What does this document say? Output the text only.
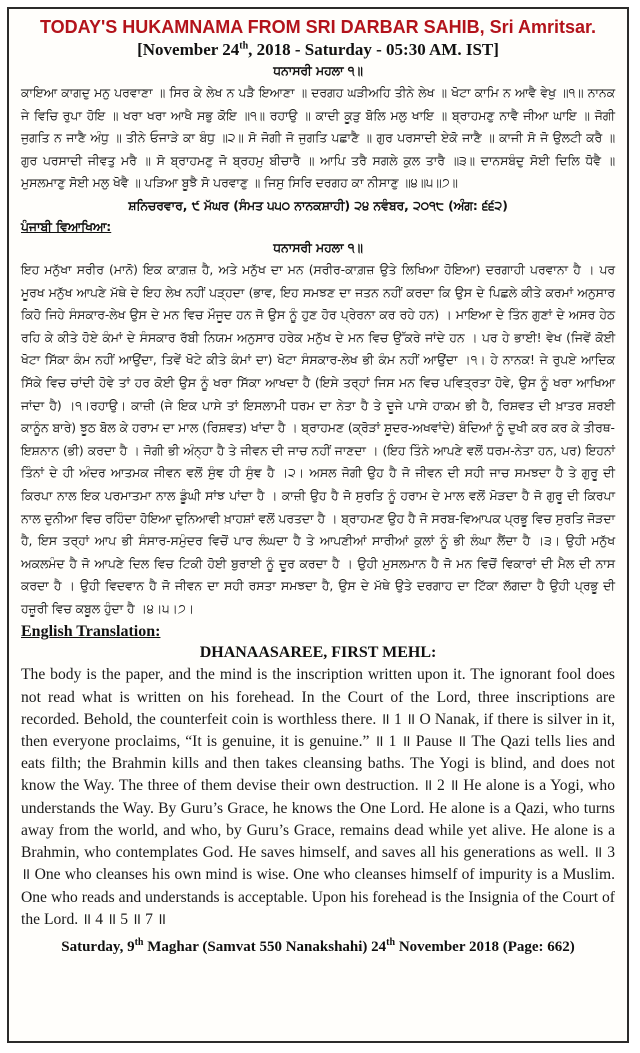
TODAY'S HUKAMNAMA FROM SRI DARBAR SAHIB, Sri Amritsar.
[November 24th, 2018 - Saturday - 05:30 AM. IST]
ਧਨਾਸਰੀ ਮਹਲਾ ੧॥
ਕਾਇਆ ਕਾਗਦੁ ਮਨੁ ਪਰਵਾਣਾ ॥ ਸਿਰ ਕੇ ਲੇਖ ਨ ਪੜੈ ਇਆਣਾ ॥ ਦਰਗਹ ਘੜੀਅਹਿ ਤੀਨੇ ਲੇਖ ॥ ਖੋਟਾ ਕਾਮਿ ਨ ਆਵੈ ਵੇਖੁ ॥੧॥ ਨਾਨਕ ਜੇ ਵਿਚਿ ਰੁਪਾ ਹੋਇ ॥ ਖਰਾ ਖਰਾ ਆਖੈ ਸਭੁ ਕੋਇ ॥੧॥ ਰਹਾਉ ॥ ਕਾਦੀ ਕੂੜੁ ਬੋਲਿ ਮਲੁ ਖਾਇ ॥ ਬ੍ਰਾਹਮਣੁ ਨਾਵੈ ਜੀਆ ਘਾਇ ॥ ਜੋਗੀ ਜੁਗਤਿ ਨ ਜਾਣੈ ਅੰਧੁ ॥ ਤੀਨੇ ਓਜਾੜੇ ਕਾ ਬੰਧੁ ॥੨॥ ਸੋ ਜੋਗੀ ਜੋ ਜੁਗਤਿ ਪਛਾਣੈ ॥ ਗੁਰ ਪਰਸਾਦੀ ਏਕੋ ਜਾਣੈ ॥ ਕਾਜੀ ਸੋ ਜੋ ਉਲਟੀ ਕਰੈ ॥ ਗੁਰ ਪਰਸਾਦੀ ਜੀਵਤੁ ਮਰੈ ॥ ਸੋ ਬ੍ਰਾਹਮਣੁ ਜੋ ਬ੍ਰਹਮੁ ਬੀਚਾਰੈ ॥ ਆਪਿ ਤਰੈ ਸਗਲੇ ਕੁਲ ਤਾਰੈ ॥੩॥ ਦਾਨਸਬੰਦੁ ਸੋਈ ਦਿਲਿ ਧੋਵੈ ॥ ਮੁਸਲਮਾਣੁ ਸੋਈ ਮਲੁ ਖੋਵੈ ॥ ਪੜਿਆ ਬੂਝੈ ਸੋ ਪਰਵਾਣੁ ॥ ਜਿਸੁ ਸਿਰਿ ਦਰਗਹ ਕਾ ਨੀਸਾਣੁ ॥੪॥੫॥੭॥
ਸ਼ਨਿਚਰਵਾਰ, ੯ ਮੱਘਰ (ਸੰਮਤ ੫੫੦ ਨਾਨਕਸ਼ਾਹੀ) ੨੪ ਨਵੰਬਰ, ੨੦੧੮ (ਅੰਗ: ੬੬੨)
ਪੰਜਾਬੀ ਵਿਆਖਿਆ:
ਧਨਾਸਰੀ ਮਹਲਾ ੧॥
ਇਹ ਮਨੁੱਖਾ ਸਰੀਰ (ਮਾਨੋ) ਇਕ ਕਾਗ਼ਜ਼ ਹੈ, ਅਤੇ ਮਨੁੱਖ ਦਾ ਮਨ (ਸਰੀਰ-ਕਾਗ਼ਜ਼ ਉਤੇ ਲਿਖਿਆ ਹੋਇਆ) ਦਰਗਾਹੀ ਪਰਵਾਨਾ ਹੈ । ਪਰ ਮੂਰਖ ਮਨੁੱਖ ਆਪਣੇ ਮੱਥੇ ਦੇ ਇਹ ਲੇਖ ਨਹੀਂ ਪੜ੍ਹਦਾ (ਭਾਵ, ਇਹ ਸਮਝਣ ਦਾ ਜਤਨ ਨਹੀਂ ਕਰਦਾ ਕਿ ਉਸ ਦੇ ਪਿਛਲੇ ਕੀਤੇ ਕਰਮਾਂ ਅਨੁਸਾਰ ਕਿਹੋ ਜਿਹੇ ਸੰਸਕਾਰ-ਲੇਖ ਉਸ ਦੇ ਮਨ ਵਿਚ ਮੌਜੂਦ ਹਨ ਜੋ ਉਸ ਨੂੰ ਹੁਣ ਹੋਰ ਪ੍ਰੇਰਨਾ ਕਰ ਰਹੇ ਹਨ) । ਮਾਇਆ ਦੇ ਤਿੰਨ ਗੁਣਾਂ ਦੇ ਅਸਰ ਹੇਠ ਰਹਿ ਕੇ ਕੀਤੇ ਹੋਏ ਕੰਮਾਂ ਦੇ ਸੰਸਕਾਰ ਰੱਬੀ ਨਿਯਮ ਅਨੁਸਾਰ ਹਰੇਕ ਮਨੁੱਖ ਦੇ ਮਨ ਵਿਚ ਉੱਕਰੇ ਜਾਂਦੇ ਹਨ । ਪਰ ਹੇ ਭਾਈ! ਵੇਖ (ਜਿਵੇਂ ਕੋਈ ਖੋਟਾ ਸਿੱਕਾ ਕੰਮ ਨਹੀਂ ਆਉਂਦਾ, ਤਿਵੇਂ ਖੋਟੇ ਕੀਤੇ ਕੰਮਾਂ ਦਾ) ਖੋਟਾ ਸੰਸਕਾਰ-ਲੇਖ ਭੀ ਕੰਮ ਨਹੀਂ ਆਉਂਦਾ ।੧। ਹੇ ਨਾਨਕ! ਜੇ ਰੁਪਏ ਆਦਿਕ ਸਿੱਕੇ ਵਿਚ ਚਾਂਦੀ ਹੋਵੇ ਤਾਂ ਹਰ ਕੋਈ ਉਸ ਨੂੰ ਖਰਾ ਸਿੱਕਾ ਆਖਦਾ ਹੈ (ਇਸੇ ਤਰ੍ਹਾਂ ਜਿਸ ਮਨ ਵਿਚ ਪਵਿਤ੍ਰਤਾ ਹੋਵੇ, ਉਸ ਨੂੰ ਖਰਾ ਆਖਿਆ ਜਾਂਦਾ ਹੈ) ।੧।ਰਹਾਉ। ਕਾਜ਼ੀ (ਜੇ ਇਕ ਪਾਸੇ ਤਾਂ ਇਸਲਾਮੀ ਧਰਮ ਦਾ ਨੇਤਾ ਹੈ ਤੇ ਦੂਜੇ ਪਾਸੇ ਹਾਕਮ ਭੀ ਹੈ, ਰਿਸ਼ਵਤ ਦੀ ਖ਼ਾਤਰ ਸ਼ਰਈ ਕਾਨੂੰਨ ਬਾਰੇ) ਝੂਠ ਬੋਲ ਕੇ ਹਰਾਮ ਦਾ ਮਾਲ (ਰਿਸ਼ਵਤ) ਖਾਂਦਾ ਹੈ । ਬ੍ਰਾਹਮਣ (ਕ੍ਰੋੜਾਂ ਸ਼ੂਦਰ-ਅਖਵਾਂਦੇ) ਬੰਦਿਆਂ ਨੂੰ ਦੁਖੀ ਕਰ ਕਰ ਕੇ ਤੀਰਥ-ਇਸ਼ਨਾਨ (ਭੀ) ਕਰਦਾ ਹੈ । ਜੋਗੀ ਭੀ ਅੰਨ੍ਹਾ ਹੈ ਤੇ ਜੀਵਨ ਦੀ ਜਾਚ ਨਹੀਂ ਜਾਣਦਾ । (ਇਹ ਤਿੰਨੇ ਆਪਣੇ ਵਲੋਂ ਧਰਮ-ਨੇਤਾ ਹਨ, ਪਰ) ਇਹਨਾਂ ਤਿੰਨਾਂ ਦੇ ਹੀ ਅੰਦਰ ਆਤਮਕ ਜੀਵਨ ਵਲੋਂ ਸੁੰਞ ਹੀ ਸੁੰਞ ਹੈ ।੨। ਅਸਲ ਜੋਗੀ ਉਹ ਹੈ ਜੋ ਜੀਵਨ ਦੀ ਸਹੀ ਜਾਚ ਸਮਝਦਾ ਹੈ ਤੇ ਗੁਰੂ ਦੀ ਕਿਰਪਾ ਨਾਲ ਇਕ ਪਰਮਾਤਮਾ ਨਾਲ ਡੂੰਘੀ ਸਾਂਝ ਪਾਂਦਾ ਹੈ । ਕਾਜ਼ੀ ਉਹ ਹੈ ਜੋ ਸੁਰਤਿ ਨੂੰ ਹਰਾਮ ਦੇ ਮਾਲ ਵਲੋਂ ਮੋੜਦਾ ਹੈ ਜੋ ਗੁਰੂ ਦੀ ਕਿਰਪਾ ਨਾਲ ਦੁਨੀਆ ਵਿਚ ਰਹਿੰਦਾ ਹੋਇਆ ਦੁਨਿਆਵੀ ਖ਼ਾਹਸ਼ਾਂ ਵਲੋਂ ਪਰਤਦਾ ਹੈ । ਬ੍ਰਾਹਮਣ ਉਹ ਹੈ ਜੋ ਸਰਬ-ਵਿਆਪਕ ਪ੍ਰਭੂ ਵਿਚ ਸੁਰਤਿ ਜੋੜਦਾ ਹੈ, ਇਸ ਤਰ੍ਹਾਂ ਆਪ ਭੀ ਸੰਸਾਰ-ਸਮੁੰਦਰ ਵਿਚੋਂ ਪਾਰ ਲੰਘਦਾ ਹੈ ਤੇ ਆਪਣੀਆਂ ਸਾਰੀਆਂ ਕੁਲਾਂ ਨੂੰ ਭੀ ਲੰਘਾ ਲੈਂਦਾ ਹੈ ।੩। ਉਹੀ ਮਨੁੱਖ ਅਕਲਮੰਦ ਹੈ ਜੋ ਆਪਣੇ ਦਿਲ ਵਿਚ ਟਿਕੀ ਹੋਈ ਬੁਰਾਈ ਨੂੰ ਦੂਰ ਕਰਦਾ ਹੈ । ਉਹੀ ਮੁਸਲਮਾਨ ਹੈ ਜੋ ਮਨ ਵਿਚੋਂ ਵਿਕਾਰਾਂ ਦੀ ਮੈਲ ਦੀ ਨਾਸ ਕਰਦਾ ਹੈ । ਉਹੀ ਵਿਦਵਾਨ ਹੈ ਜੋ ਜੀਵਨ ਦਾ ਸਹੀ ਰਸਤਾ ਸਮਝਦਾ ਹੈ, ਉਸ ਦੇ ਮੱਥੇ ਉਤੇ ਦਰਗਾਹ ਦਾ ਟਿੱਕਾ ਲੱਗਦਾ ਹੈ ਉਹੀ ਪ੍ਰਭੂ ਦੀ ਹਜ਼ੂਰੀ ਵਿਚ ਕਬੂਲ ਹੁੰਦਾ ਹੈ ।੪।੫।੭।
English Translation:
DHANAASAREE, FIRST MEHL:
The body is the paper, and the mind is the inscription written upon it. The ignorant fool does not read what is written on his forehead. In the Court of the Lord, three inscriptions are recorded. Behold, the counterfeit coin is worthless there. ॥ 1 ॥ O Nanak, if there is silver in it, then everyone proclaims, “It is genuine, it is genuine.” ॥ 1 ॥ Pause ॥ The Qazi tells lies and eats filth; the Brahmin kills and then takes cleansing baths. The Yogi is blind, and does not know the Way. The three of them devise their own destruction. ॥ 2 ॥ He alone is a Yogi, who understands the Way. By Guru’s Grace, he knows the One Lord. He alone is a Qazi, who turns away from the world, and who, by Guru’s Grace, remains dead while yet alive. He alone is a Brahmin, who contemplates God. He saves himself, and saves all his generations as well. ॥ 3 ॥ One who cleanses his own mind is wise. One who cleanses himself of impurity is a Muslim. One who reads and understands is acceptable. Upon his forehead is the Insignia of the Court of the Lord. ॥ 4 ॥ 5 ॥ 7 ॥
Saturday, 9th Maghar (Samvat 550 Nanakshahi) 24th November 2018 (Page: 662)
